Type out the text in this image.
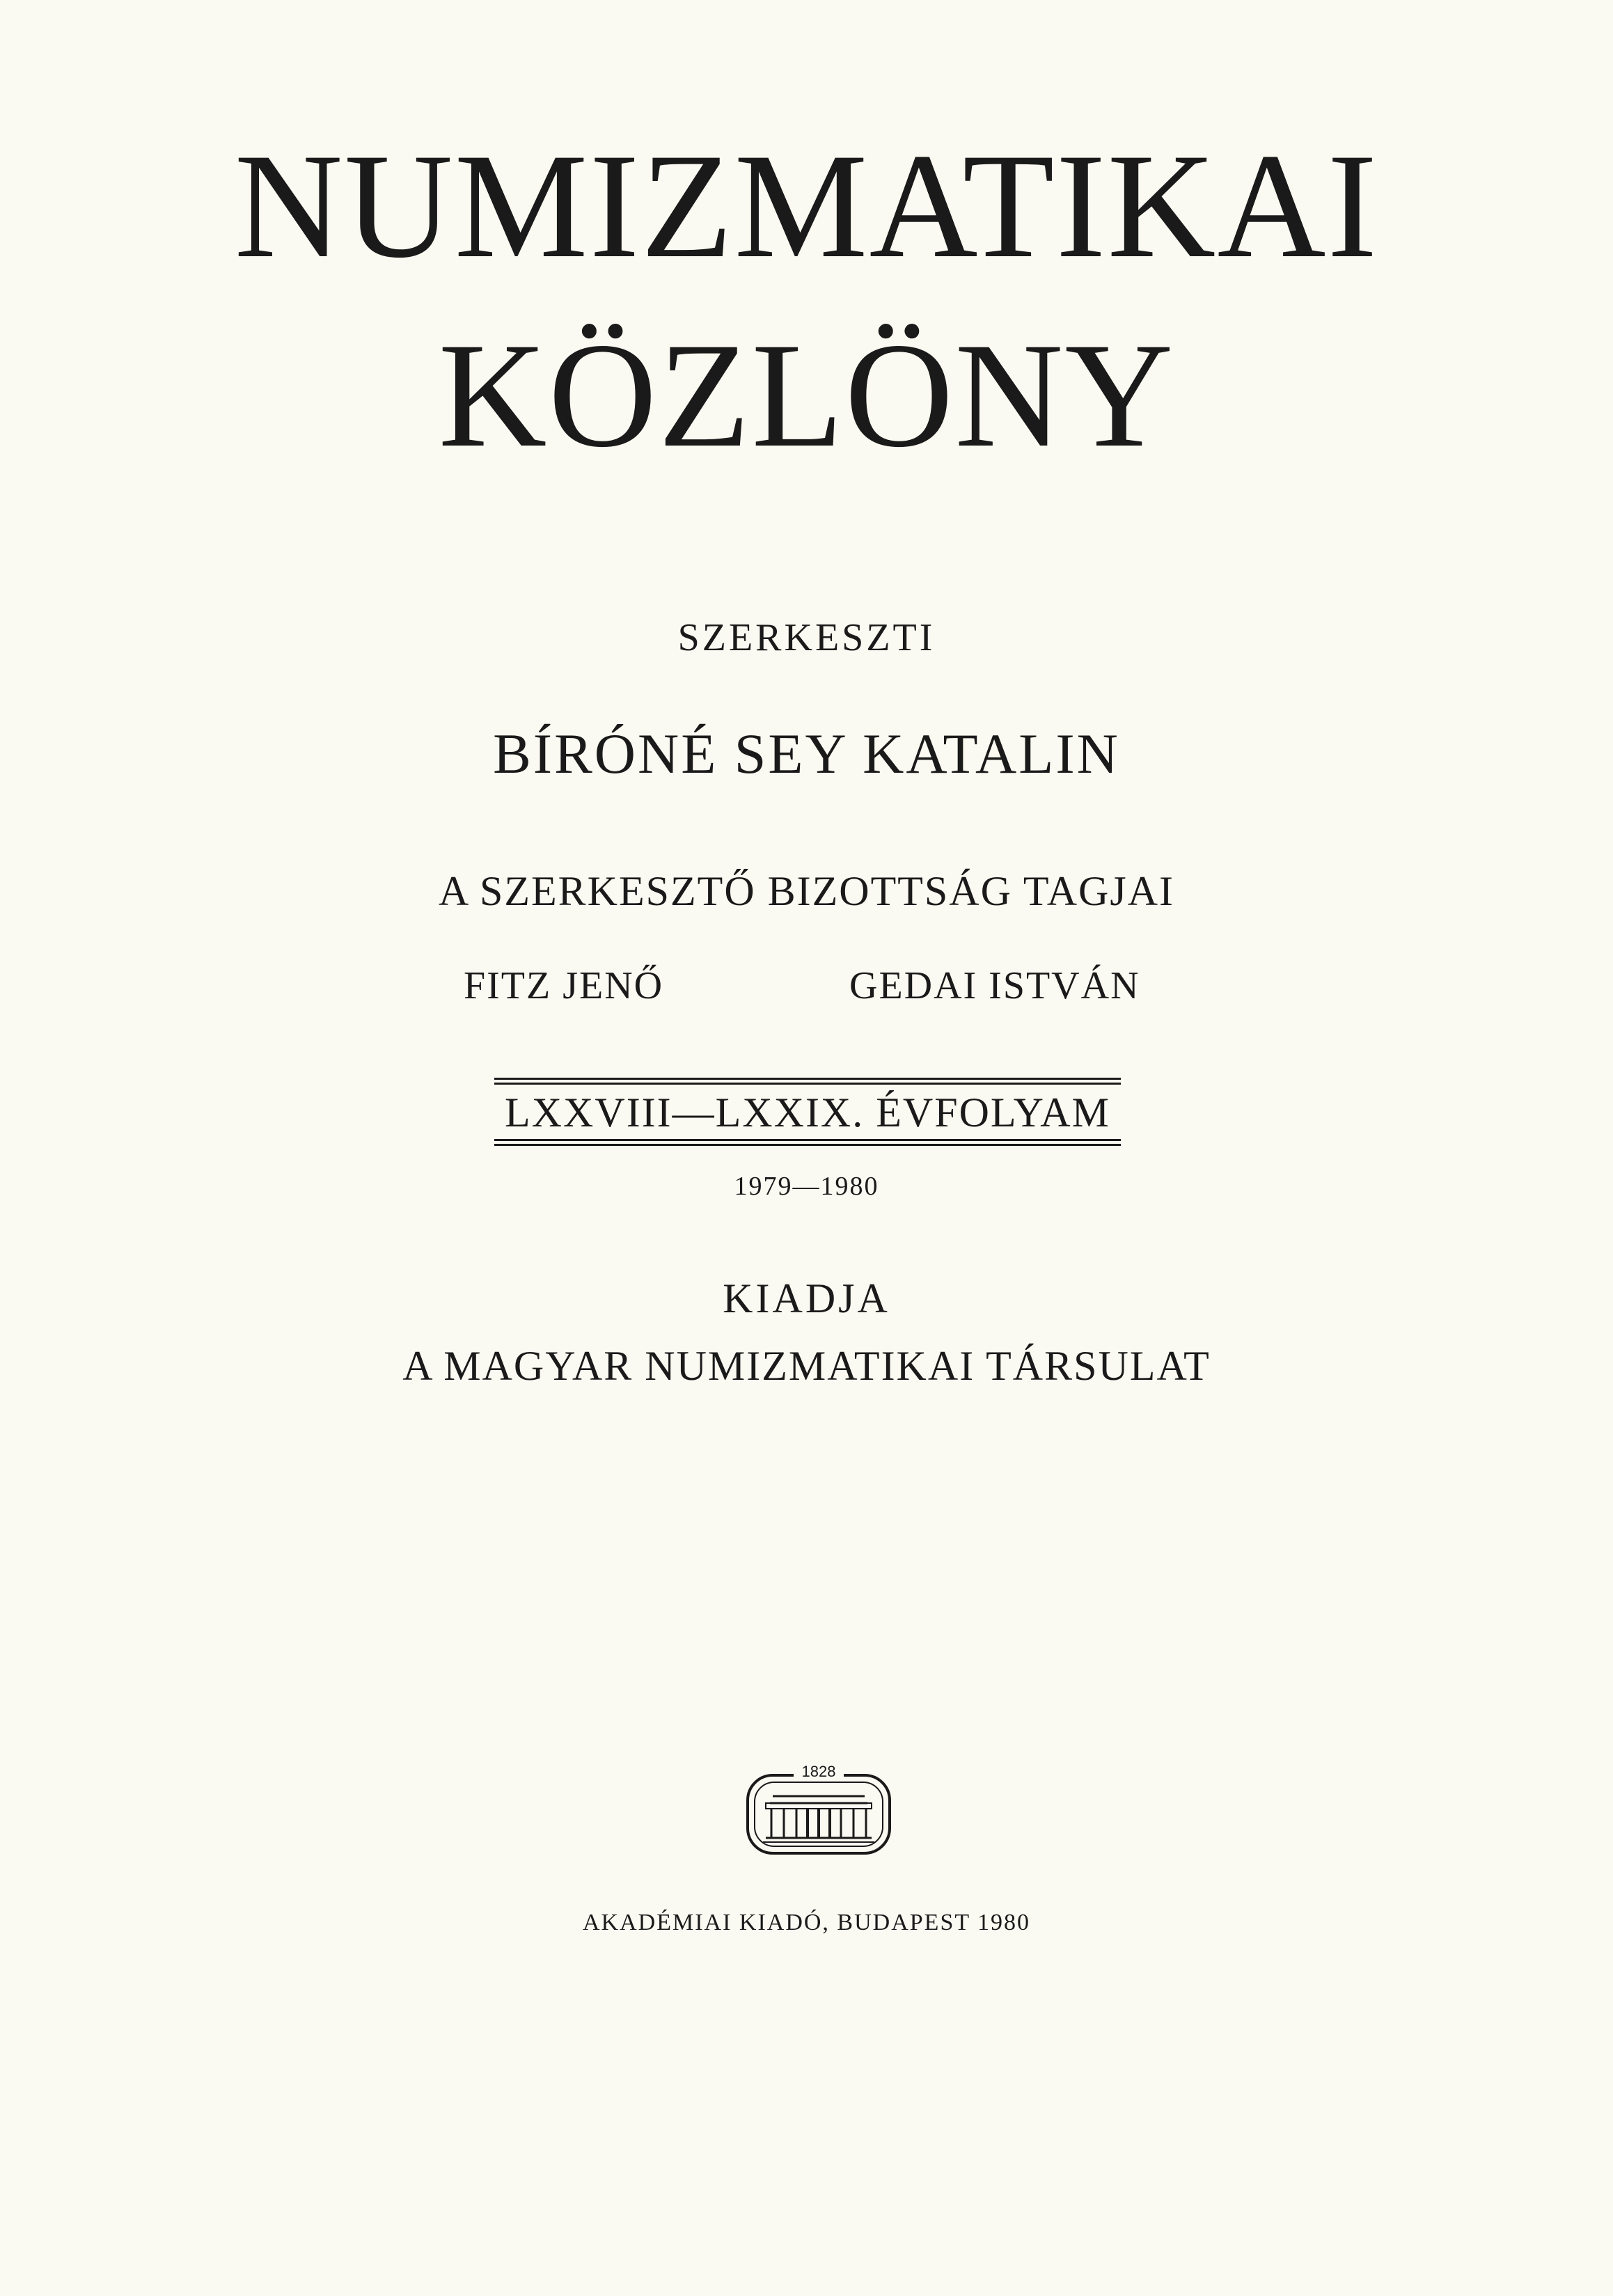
NUMIZMATIKAI
KÖZLÖNY
SZERKESZTI
BÍRÓNÉ SEY KATALIN
A SZERKESZTŐ BIZOTTSÁG TAGJAI
FITZ JENŐ	GEDAI ISTVÁN
LXXVIII—LXXIX. ÉVFOLYAM
1979—1980
KIADJA
A MAGYAR NUMIZMATIKAI TÁRSULAT
1828
AKADÉMIAI KIADÓ, BUDAPEST 1980
